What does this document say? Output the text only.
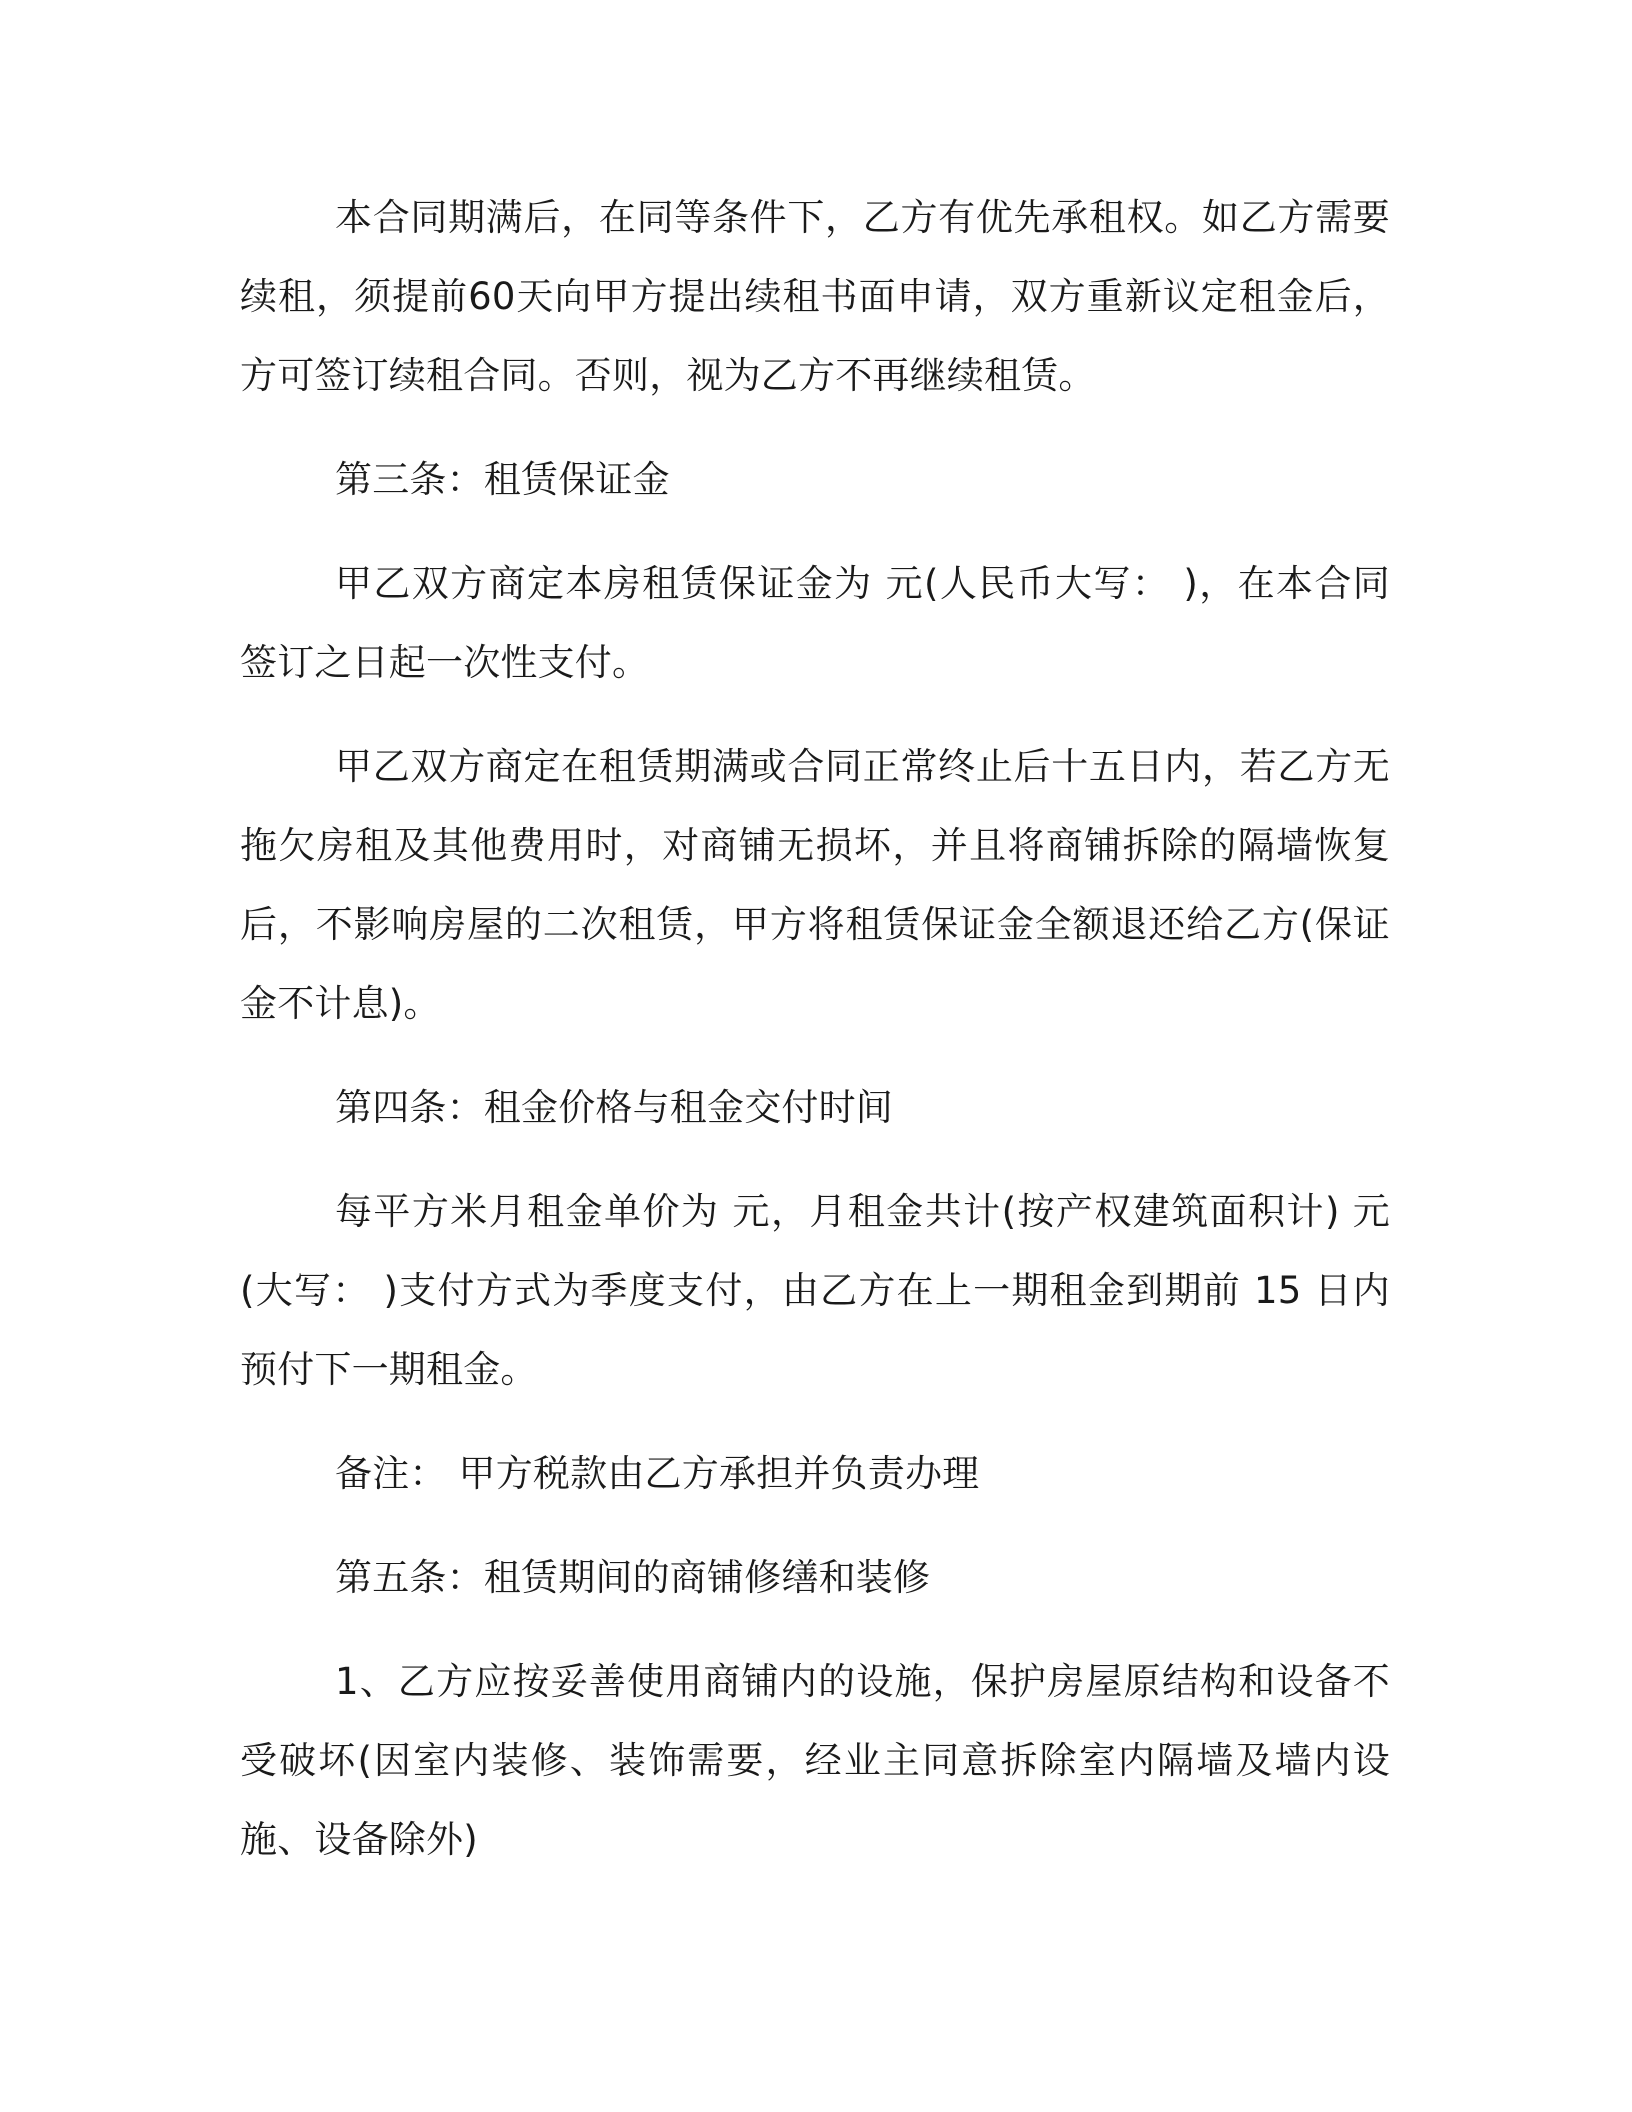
本合同期满后，在同等条件下，乙方有优先承租权。如乙方需要续租，须提前60天向甲方提出续租书面申请，双方重新议定租金后，方可签订续租合同。否则，视为乙方不再继续租赁。

第三条：租赁保证金

甲乙双方商定本房租赁保证金为 元(人民币大写： )，在本合同签订之日起一次性支付。

甲乙双方商定在租赁期满或合同正常终止后十五日内，若乙方无拖欠房租及其他费用时，对商铺无损坏，并且将商铺拆除的隔墙恢复后，不影响房屋的二次租赁，甲方将租赁保证金全额退还给乙方(保证金不计息)。

第四条：租金价格与租金交付时间

每平方米月租金单价为 元，月租金共计(按产权建筑面积计) 元(大写： )支付方式为季度支付，由乙方在上一期租金到期前 15 日内预付下一期租金。

备注： 甲方税款由乙方承担并负责办理

第五条：租赁期间的商铺修缮和装修

1、乙方应按妥善使用商铺内的设施，保护房屋原结构和设备不受破坏(因室内装修、装饰需要，经业主同意拆除室内隔墙及墙内设施、设备除外)
